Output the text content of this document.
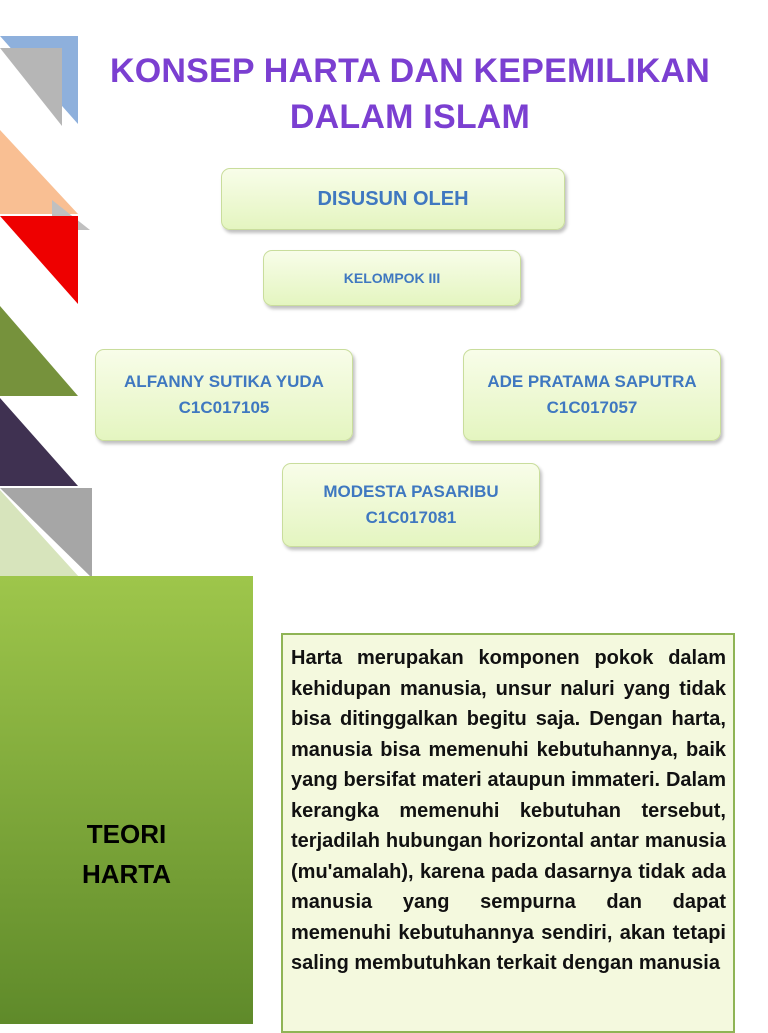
KONSEP HARTA DAN KEPEMILIKAN
DALAM ISLAM
DISUSUN OLEH
KELOMPOK III
ALFANNY SUTIKA YUDA
C1C017105
ADE PRATAMA SAPUTRA
C1C017057
MODESTA PASARIBU
C1C017081
TEORI
HARTA
Harta merupakan komponen pokok dalam kehidupan manusia, unsur naluri yang tidak bisa ditinggalkan begitu saja. Dengan harta, manusia bisa memenuhi kebutuhannya, baik yang bersifat materi ataupun immateri. Dalam kerangka memenuhi kebutuhan tersebut, terjadilah hubungan horizontal antar manusia (mu'amalah), karena pada dasarnya tidak ada manusia yang sempurna dan dapat memenuhi kebutuhannya sendiri, akan tetapi saling membutuhkan terkait dengan manusia
